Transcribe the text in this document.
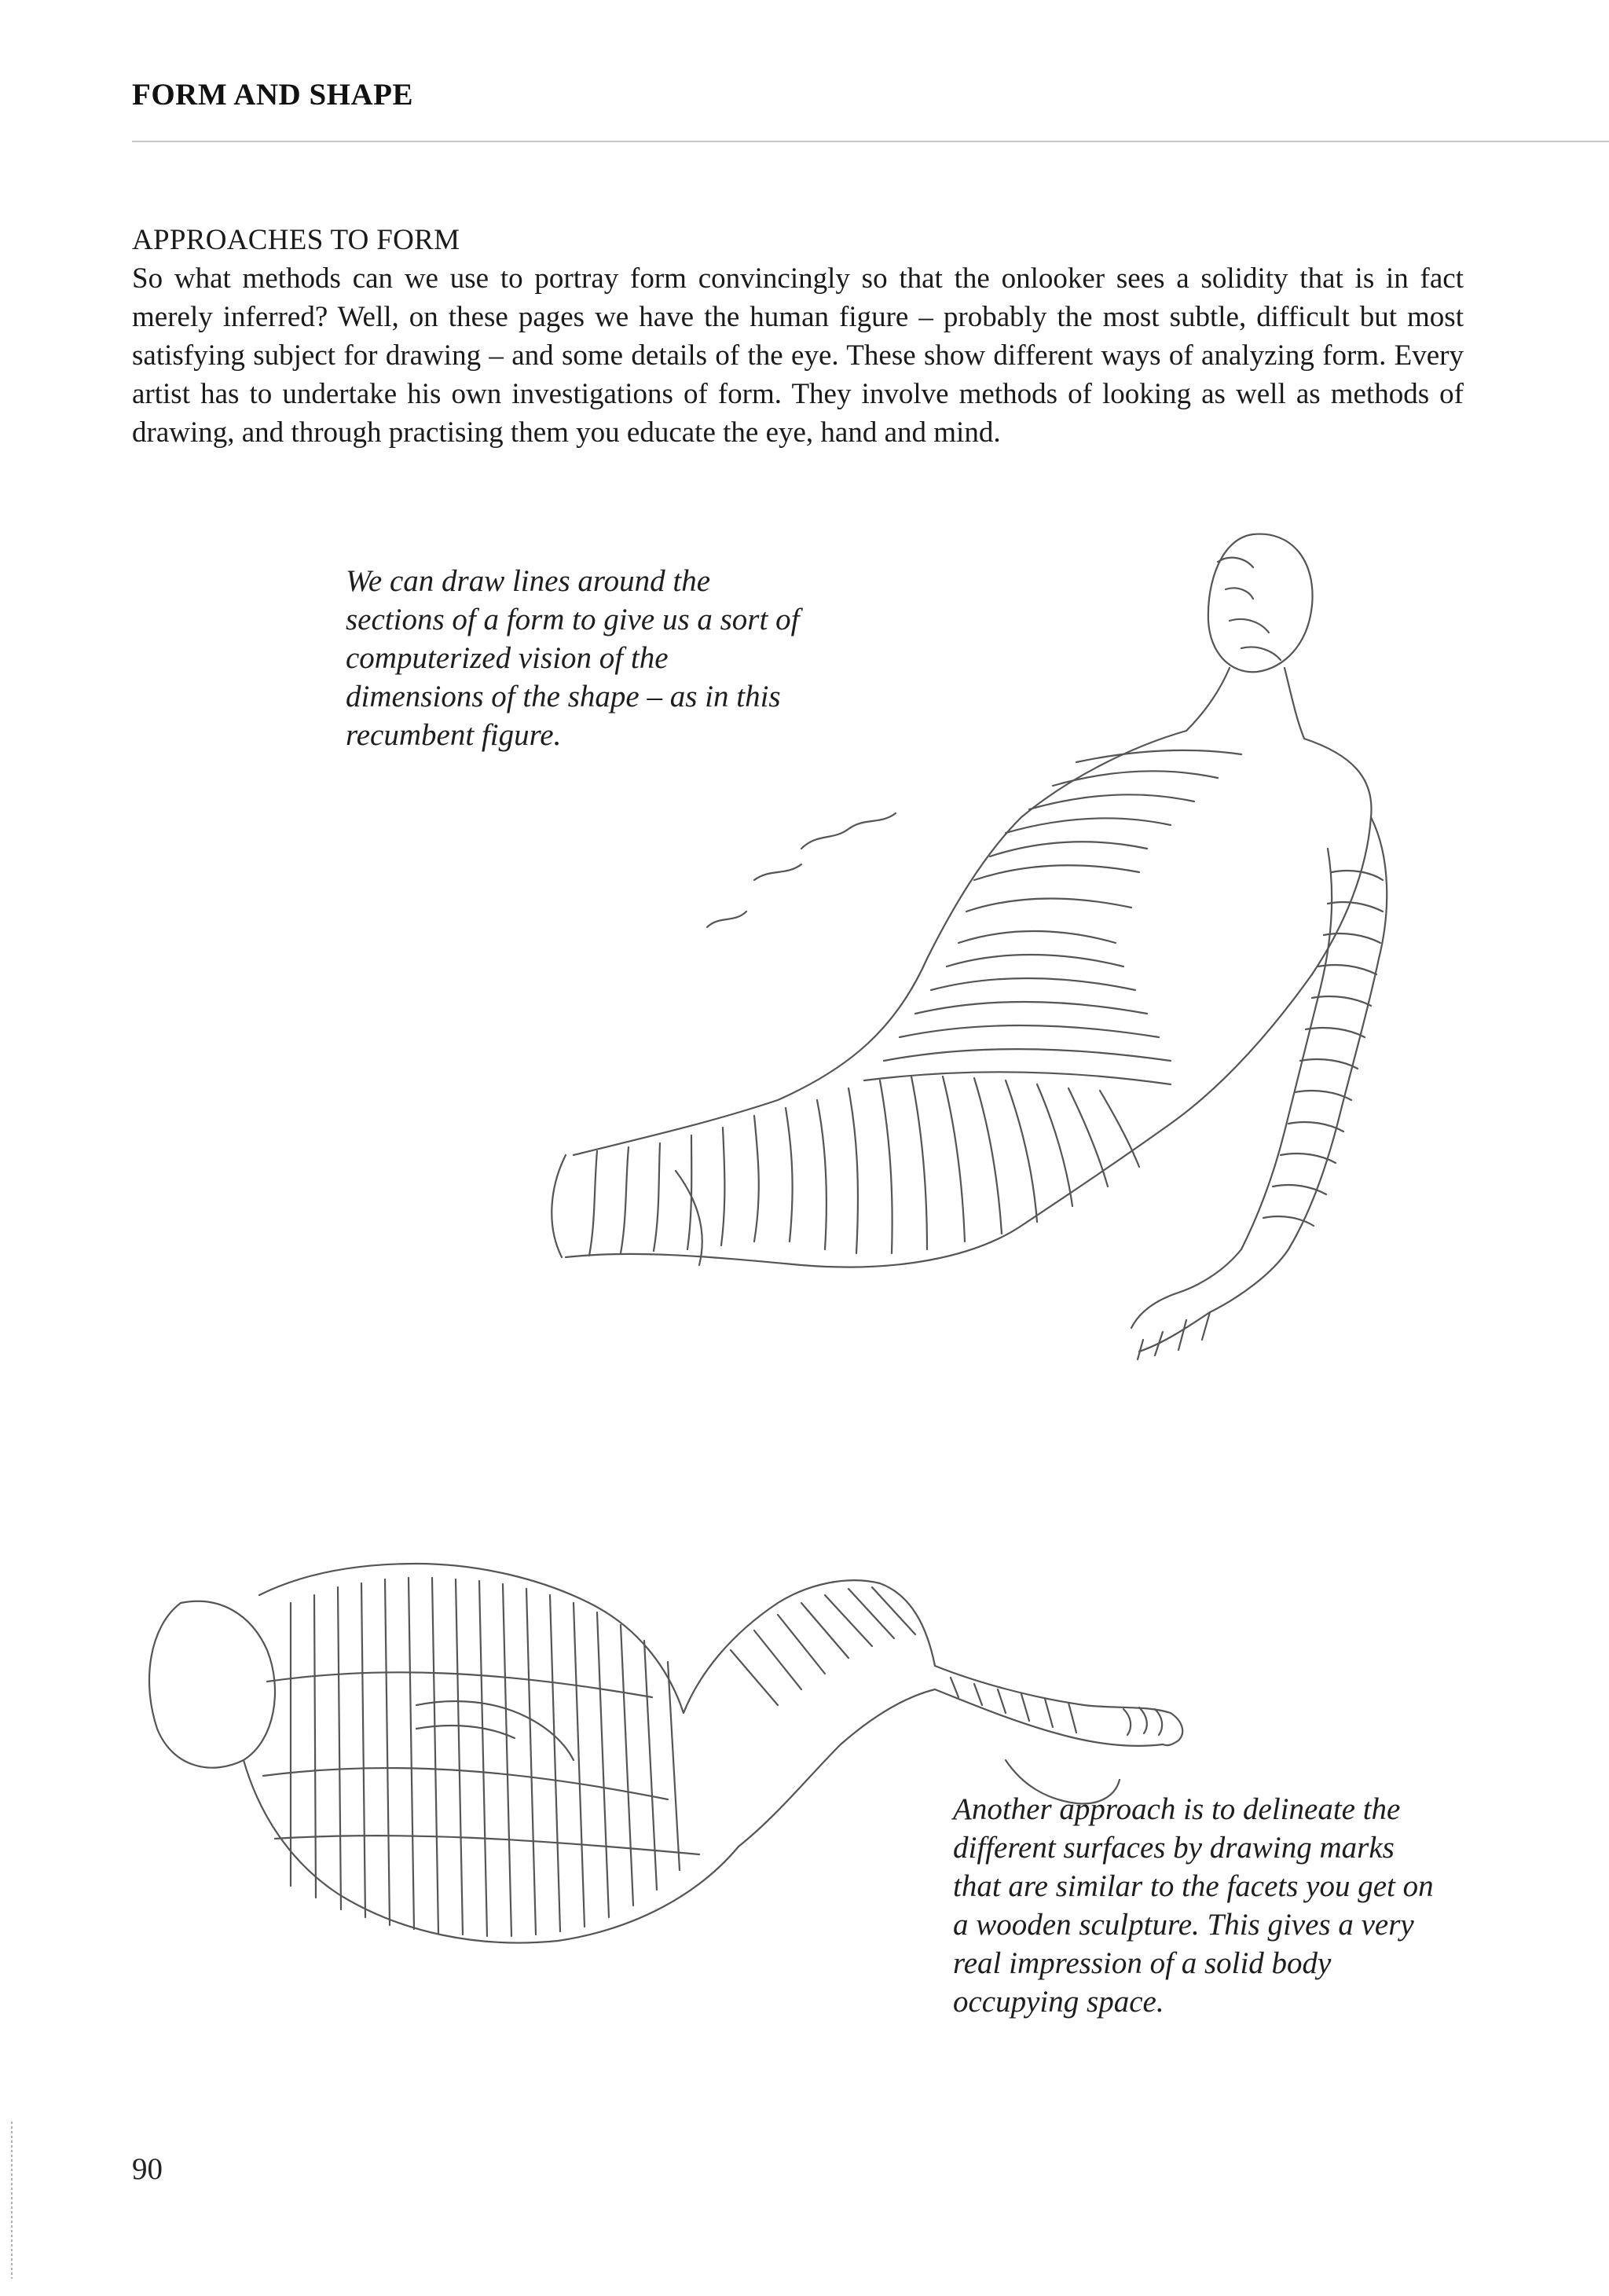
FORM AND SHAPE
APPROACHES TO FORM

So what methods can we use to portray form convincingly so that the onlooker sees a solidity that is in fact merely inferred? Well, on these pages we have the human figure – probably the most subtle, difficult but most satisfying subject for drawing – and some details of the eye. These show different ways of analyzing form. Every artist has to undertake his own investigations of form. They involve methods of looking as well as methods of drawing, and through practising them you educate the eye, hand and mind.

We can draw lines around the sections of a form to give us a sort of computerized vision of the dimensions of the shape – as in this recumbent figure.

Another approach is to delineate the different surfaces by drawing marks that are similar to the facets you get on a wooden sculpture. This gives a very real impression of a solid body occupying space.

90
